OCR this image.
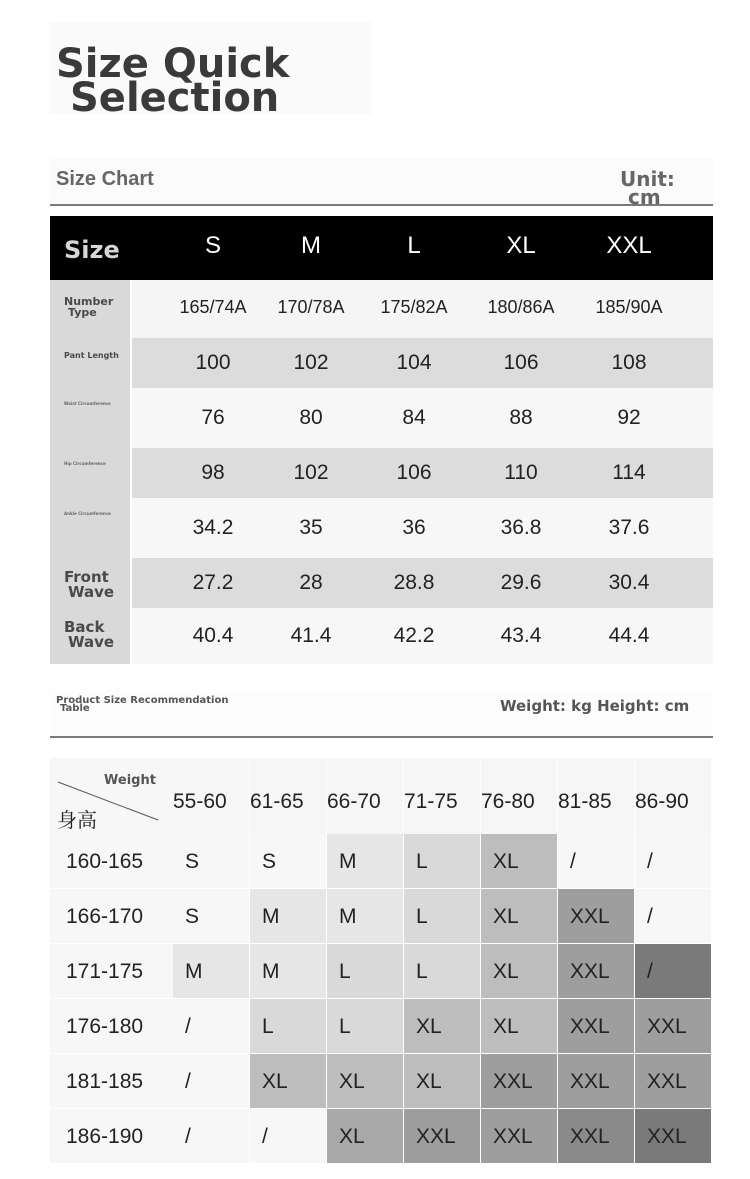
Size Quick
Selection
Size Chart	Unit:
cm
Size	S	M	L	XL	XXL
Number
Type	165/74A	170/78A	175/82A	180/86A	185/90A
Pant Length	100	102	104	106	108
Waist Circumference
76	80	84	88	92
Hip Circumference	98	102	106	110	114
Ankle Circumference
34.2	35	36	36.8	37.6
Front
Wave	27.2	28	28.8	29.6	30.4
Back
Wave	40.4	41.4	42.2	43.4	44.4
Product Size Recommendation
Table	Weight: kg Height: cm
Weight
身高
55-60	61-65	66-70	71-75	76-80	81-85	86-90
160-165	S	S	M	L	XL	/	/
166-170	S	M	M	L	XL	XXL	/
171-175	M	M	L	L	XL	XXL	/
176-180	/	L	L	XL	XL	XXL	XXL
181-185	/	XL	XL	XL	XXL	XXL	XXL
186-190	/	/	XL	XXL	XXL	XXL	XXL
